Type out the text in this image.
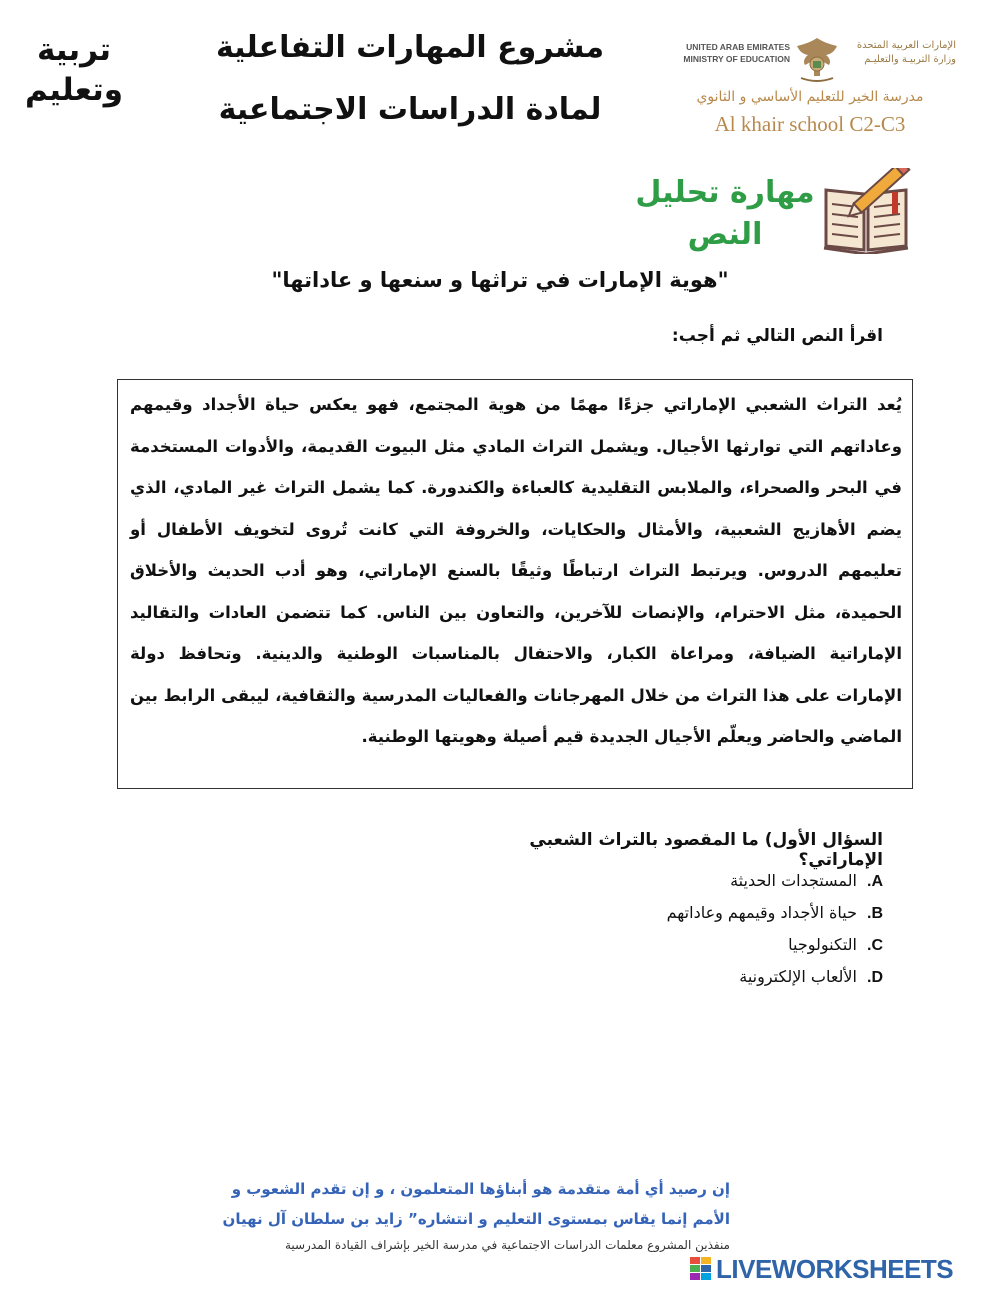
تربية
وتعليم
مشروع المهارات التفاعلية
لمادة الدراسات الاجتماعية
UNITED ARAB EMIRATES
MINISTRY OF EDUCATION
الإمارات العربية المتحدة
وزارة التربيـة والتعليـم
مدرسة الخير للتعليم الأساسي و الثانوي
Al khair school C2-C3
مهارة تحليل
النص
"هوية الإمارات في تراثها و سنعها و عاداتها"
اقرأ النص التالي ثم أجب:
يُعد التراث الشعبي الإماراتي جزءًا مهمًا من هوية المجتمع، فهو يعكس حياة الأجداد وقيمهم وعاداتهم التي توارثها الأجيال. ويشمل التراث المادي مثل البيوت القديمة، والأدوات المستخدمة في البحر والصحراء، والملابس التقليدية كالعباءة والكندورة. كما يشمل التراث غير المادي، الذي يضم الأهازيج الشعبية، والأمثال والحكايات، والخروفة التي كانت تُروى لتخويف الأطفال أو تعليمهم الدروس. ويرتبط التراث ارتباطًا وثيقًا بالسنع الإماراتي، وهو أدب الحديث والأخلاق الحميدة، مثل الاحترام، والإنصات للآخرين، والتعاون بين الناس. كما تتضمن العادات والتقاليد الإماراتية الضيافة، ومراعاة الكبار، والاحتفال بالمناسبات الوطنية والدينية. وتحافظ دولة الإمارات على هذا التراث من خلال المهرجانات والفعاليات المدرسية والثقافية، ليبقى الرابط بين الماضي والحاضر ويعلّم الأجيال الجديدة قيم أصيلة وهويتها الوطنية.
السؤال الأول) ما المقصود بالتراث الشعبي الإماراتي؟
A.المستجدات الحديثة
B.حياة الأجداد وقيمهم وعاداتهم
C.التكنولوجيا
D.الألعاب الإلكترونية
إن رصيد أي أمة متقدمة هو أبناؤها المتعلمون ، و إن تقدم الشعوب و
الأمم إنما يقاس بمستوى التعليم و انتشاره” زايد بن سلطان آل نهيان
منفذين المشروع معلمات الدراسات الاجتماعية في مدرسة الخير بإشراف القيادة المدرسية
LIVEWORKSHEETS
